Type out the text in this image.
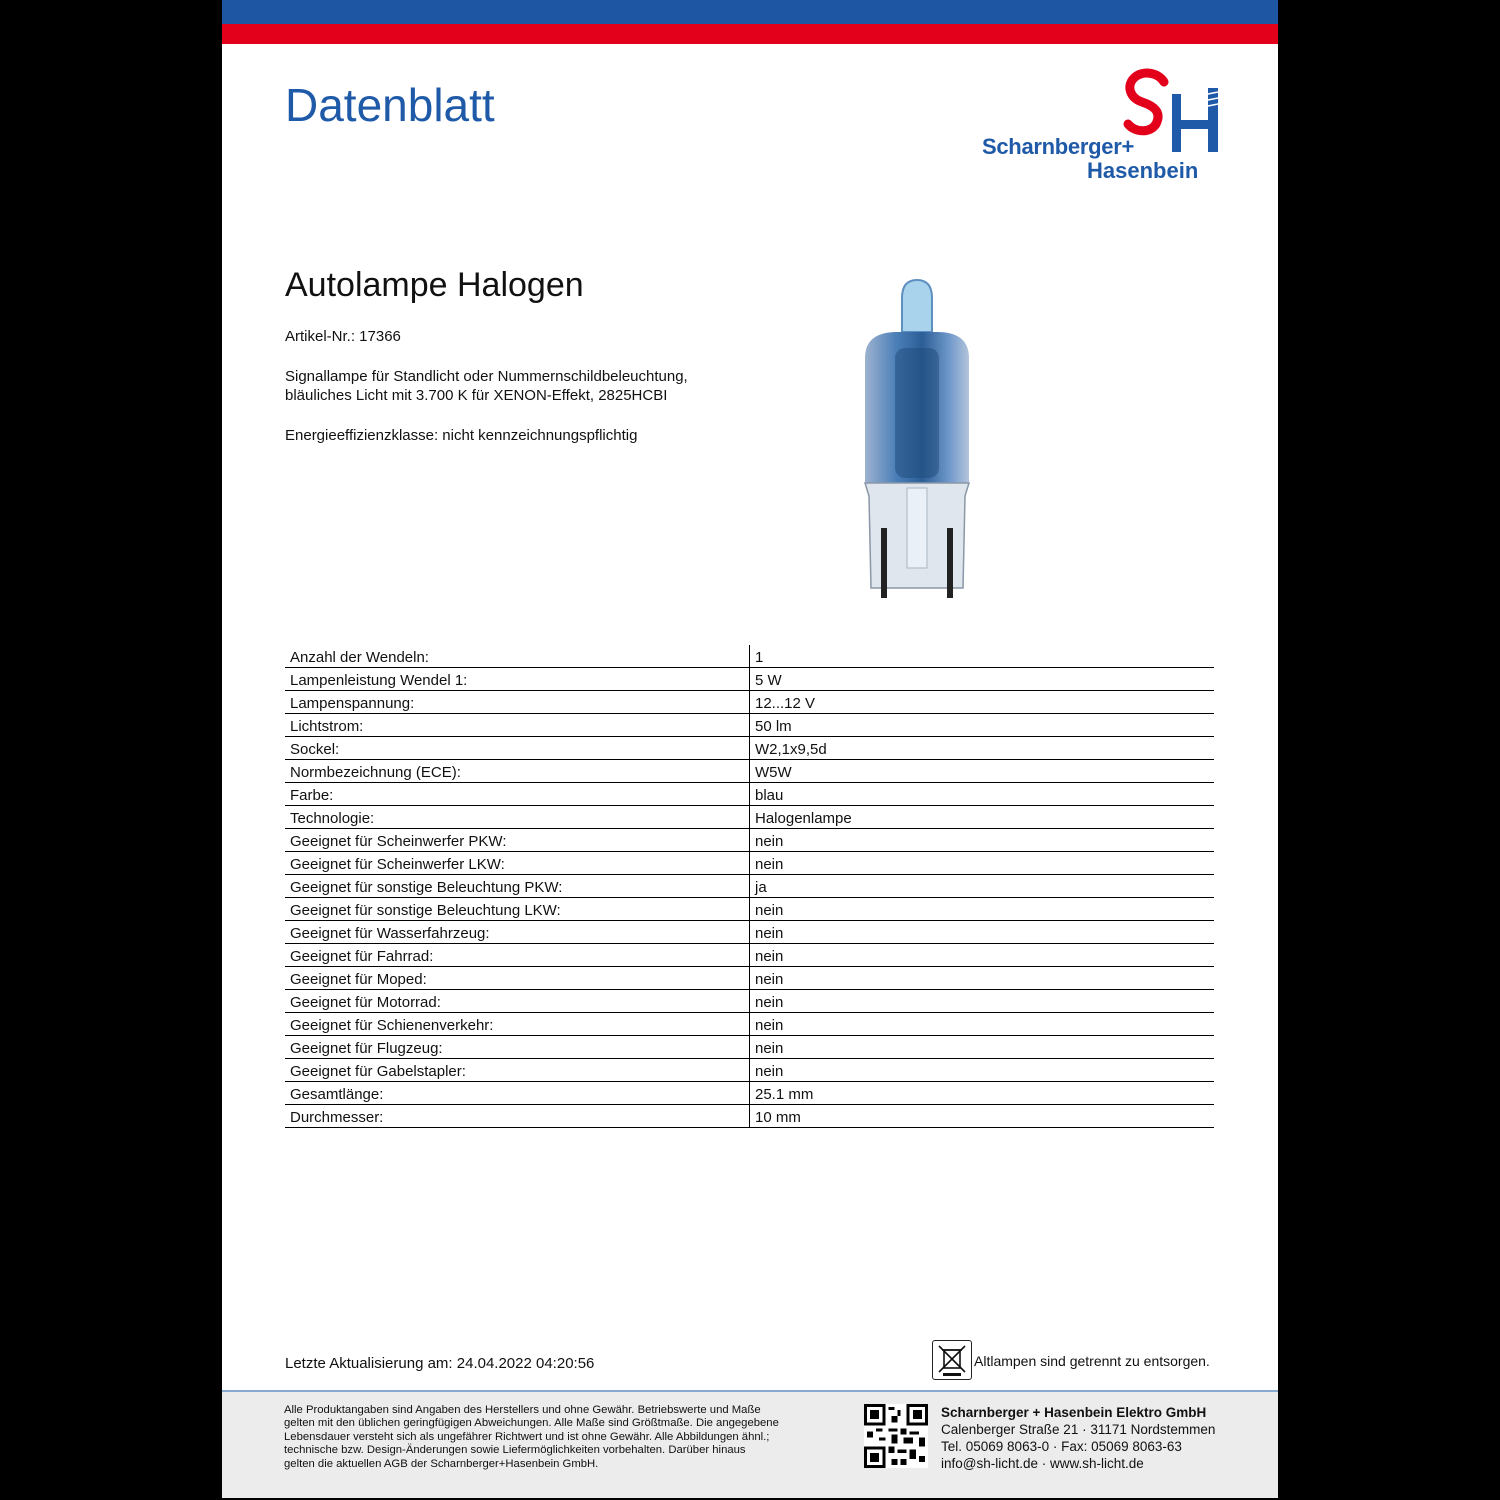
Datenblatt
Scharnberger+
Hasenbein
Autolampe Halogen
Artikel-Nr.: 17366
Signallampe für Standlicht oder Nummernschildbeleuchtung, bläuliches Licht mit 3.700 K für XENON-Effekt, 2825HCBI
Energieeffizienzklasse: nicht kennzeichnungspflichtig
Anzahl der Wendeln:	1
Lampenleistung Wendel 1:	5 W
Lampenspannung:	12...12 V
Lichtstrom:	50 lm
Sockel:	W2,1x9,5d
Normbezeichnung (ECE):	W5W
Farbe:	blau
Technologie:	Halogenlampe
Geeignet für Scheinwerfer PKW:	nein
Geeignet für Scheinwerfer LKW:	nein
Geeignet für sonstige Beleuchtung PKW:	ja
Geeignet für sonstige Beleuchtung LKW:	nein
Geeignet für Wasserfahrzeug:	nein
Geeignet für Fahrrad:	nein
Geeignet für Moped:	nein
Geeignet für Motorrad:	nein
Geeignet für Schienenverkehr:	nein
Geeignet für Flugzeug:	nein
Geeignet für Gabelstapler:	nein
Gesamtlänge:	25.1 mm
Durchmesser:	10 mm
Letzte Aktualisierung am: 24.04.2022 04:20:56	Altlampen sind getrennt zu entsorgen.
Alle Produktangaben sind Angaben des Herstellers und ohne Gewähr. Betriebswerte und Maße
gelten mit den üblichen geringfügigen Abweichungen. Alle Maße sind Größtmaße. Die angegebene
Lebensdauer versteht sich als ungefährer Richtwert und ist ohne Gewähr. Alle Abbildungen ähnl.;
technische bzw. Design-Änderungen sowie Liefermöglichkeiten vorbehalten. Darüber hinaus
gelten die aktuellen AGB der Scharnberger+Hasenbein GmbH.
Scharnberger + Hasenbein Elektro GmbH
Calenberger Straße 21 · 31171 Nordstemmen
Tel. 05069 8063-0 · Fax: 05069 8063-63
info@sh-licht.de · www.sh-licht.de
